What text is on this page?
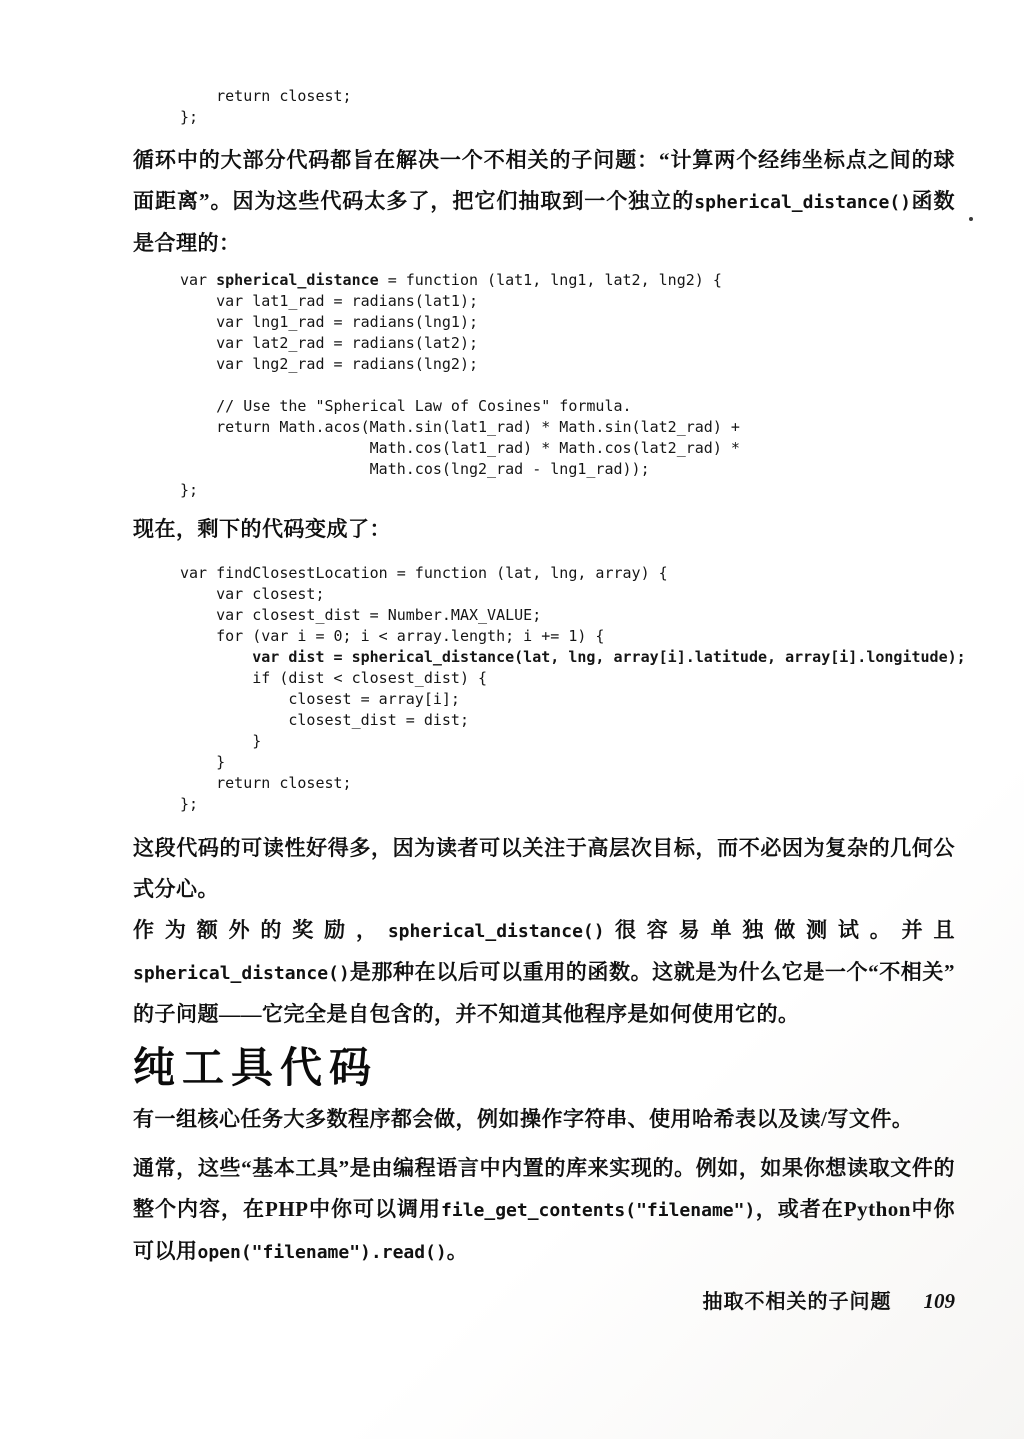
return closest;
};

循环中的大部分代码都旨在解决一个不相关的子问题：“计算两个经纬坐标点之间的球面距离”。因为这些代码太多了，把它们抽取到一个独立的spherical_distance()函数是合理的：

var spherical_distance = function (lat1, lng1, lat2, lng2) {
var lat1_rad = radians(lat1);
var lng1_rad = radians(lng1);
var lat2_rad = radians(lat2);
var lng2_rad = radians(lng2);
// Use the "Spherical Law of Cosines" formula.
return Math.acos(Math.sin(lat1_rad) * Math.sin(lat2_rad) +
Math.cos(lat1_rad) * Math.cos(lat2_rad) *
Math.cos(lng2_rad - lng1_rad));
};

现在，剩下的代码变成了：

var findClosestLocation = function (lat, lng, array) {
var closest;
var closest_dist = Number.MAX_VALUE;
for (var i = 0; i < array.length; i += 1) {
var dist = spherical_distance(lat, lng, array[i].latitude, array[i].longitude);
if (dist < closest_dist) {
closest = array[i];
closest_dist = dist;
}
}
return closest;
};

这段代码的可读性好得多，因为读者可以关注于高层次目标，而不必因为复杂的几何公式分心。

作为额外的奖励，spherical_distance()很容易单独做测试。并且spherical_distance()是那种在以后可以重用的函数。这就是为什么它是一个“不相关”的子问题——它完全是自包含的，并不知道其他程序是如何使用它的。

纯工具代码

有一组核心任务大多数程序都会做，例如操作字符串、使用哈希表以及读/写文件。

通常，这些“基本工具”是由编程语言中内置的库来实现的。例如，如果你想读取文件的整个内容，在PHP中你可以调用file_get_contents("filename")，或者在Python中你可以用open("filename").read()。

抽取不相关的子问题 109
